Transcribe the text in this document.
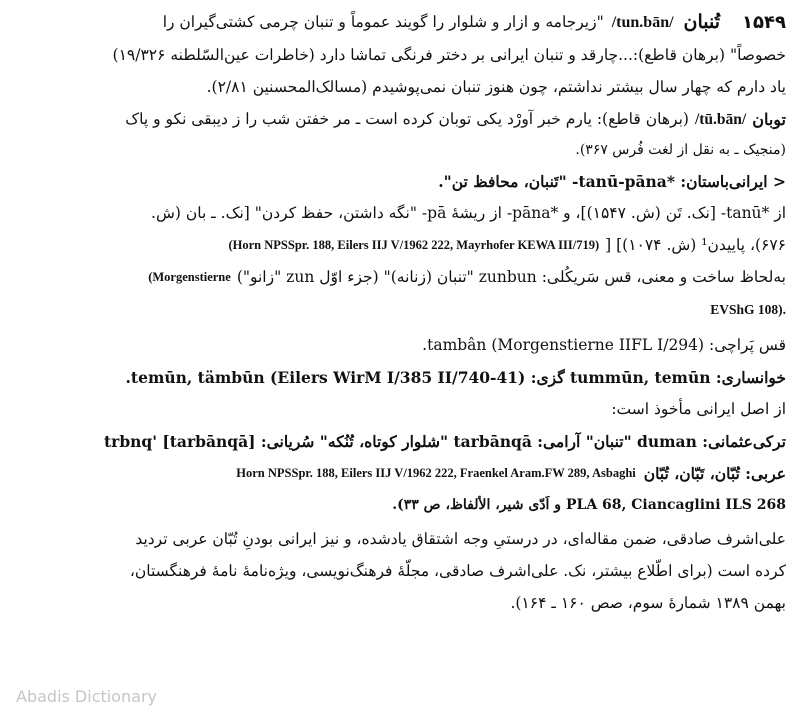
۱۵۴۹
تُنبان
/tun.bān/
"زیرجامه و ازار و شلوار را گویند عموماً و تنبان چرمی کشتی‌گیران را
خصوصاً" (برهان قاطع):...چارقد و تنبان ایرانی بر دختر فرنگی تماشا دارد (خاطرات عین‌السّلطنه ۱۹/۳۲۶)
یاد دارم که چهار سال بیشتر نداشتم، چون هنوز تنبان نمی‌پوشیدم (مسالک‌المحسنین ۲/۸۱).
توبان
/tū.bān/
(برهان قاطع): یارم خبر آورْد یکی توبان کرده است ـ مر خفتن شب را ز دیبقی نکو و پاک
(منجیک ـ به نقل از لغت فُرس ۳۶۷).
< ایرانی‌باستان: *tanū-pāna- "تَنبان، محافظ تن".
از *tanū- [نک. تَن (ش. ۱۵۴۷)]، و *pāna- از ریشهٔ pā- "نگه داشتن، حفظ کردن" [نک. ـ بان (ش.
۶۷۶)، پاییدن¹ (ش. ۱۰۷۴)] [
(Horn NPSSpr. 188, Eilers IIJ V/1962 222, Mayrhofer KEWA III/719)
به‌لحاظ ساخت و معنی، قس سَریکُلی: zunbun "تنبان (زنانه)" (جزء اوّل zun "زانو")
(Morgenstierne
EVShG 108).
قس پَراچی: tambân (Morgenstierne IIFL I/294).
خوانساری: tummūn, temūn گزی: temūn, tämbūn (Eilers WirM I/385 II/740-41).
از اصل ایرانی مأخوذ است:
ترکی‌عثمانی: duman "تنبان" آرامی: tarbānqā "شلوار کوتاه، تُنُکه" سُریانی: trbnq' [tarbānqā]
عربی: تُبّان، تَبّان، تُبّان
Horn NPSSpr. 188, Eilers IIJ V/1962 222, Fraenkel Aram.FW 289, Asbaghi
PLA 68, Ciancaglini ILS 268 و اَدّی شیر، الألفاظ، ص ۳۳).
علی‌اشرف صادقی، ضمن مقاله‌ای، در درستیِ وجه اشتقاق یادشده، و نیز ایرانی بودنِ تُبّان عربی تردید
کرده است (برای اطّلاع بیشتر، نک. علی‌اشرف صادقی، مجلّهٔ فرهنگ‌نویسی، ویژه‌نامهٔ نامهٔ فرهنگستان،
بهمن ۱۳۸۹ شمارهٔ سوم، صص ۱۶۰ ـ ۱۶۴).
Abadis Dictionary
